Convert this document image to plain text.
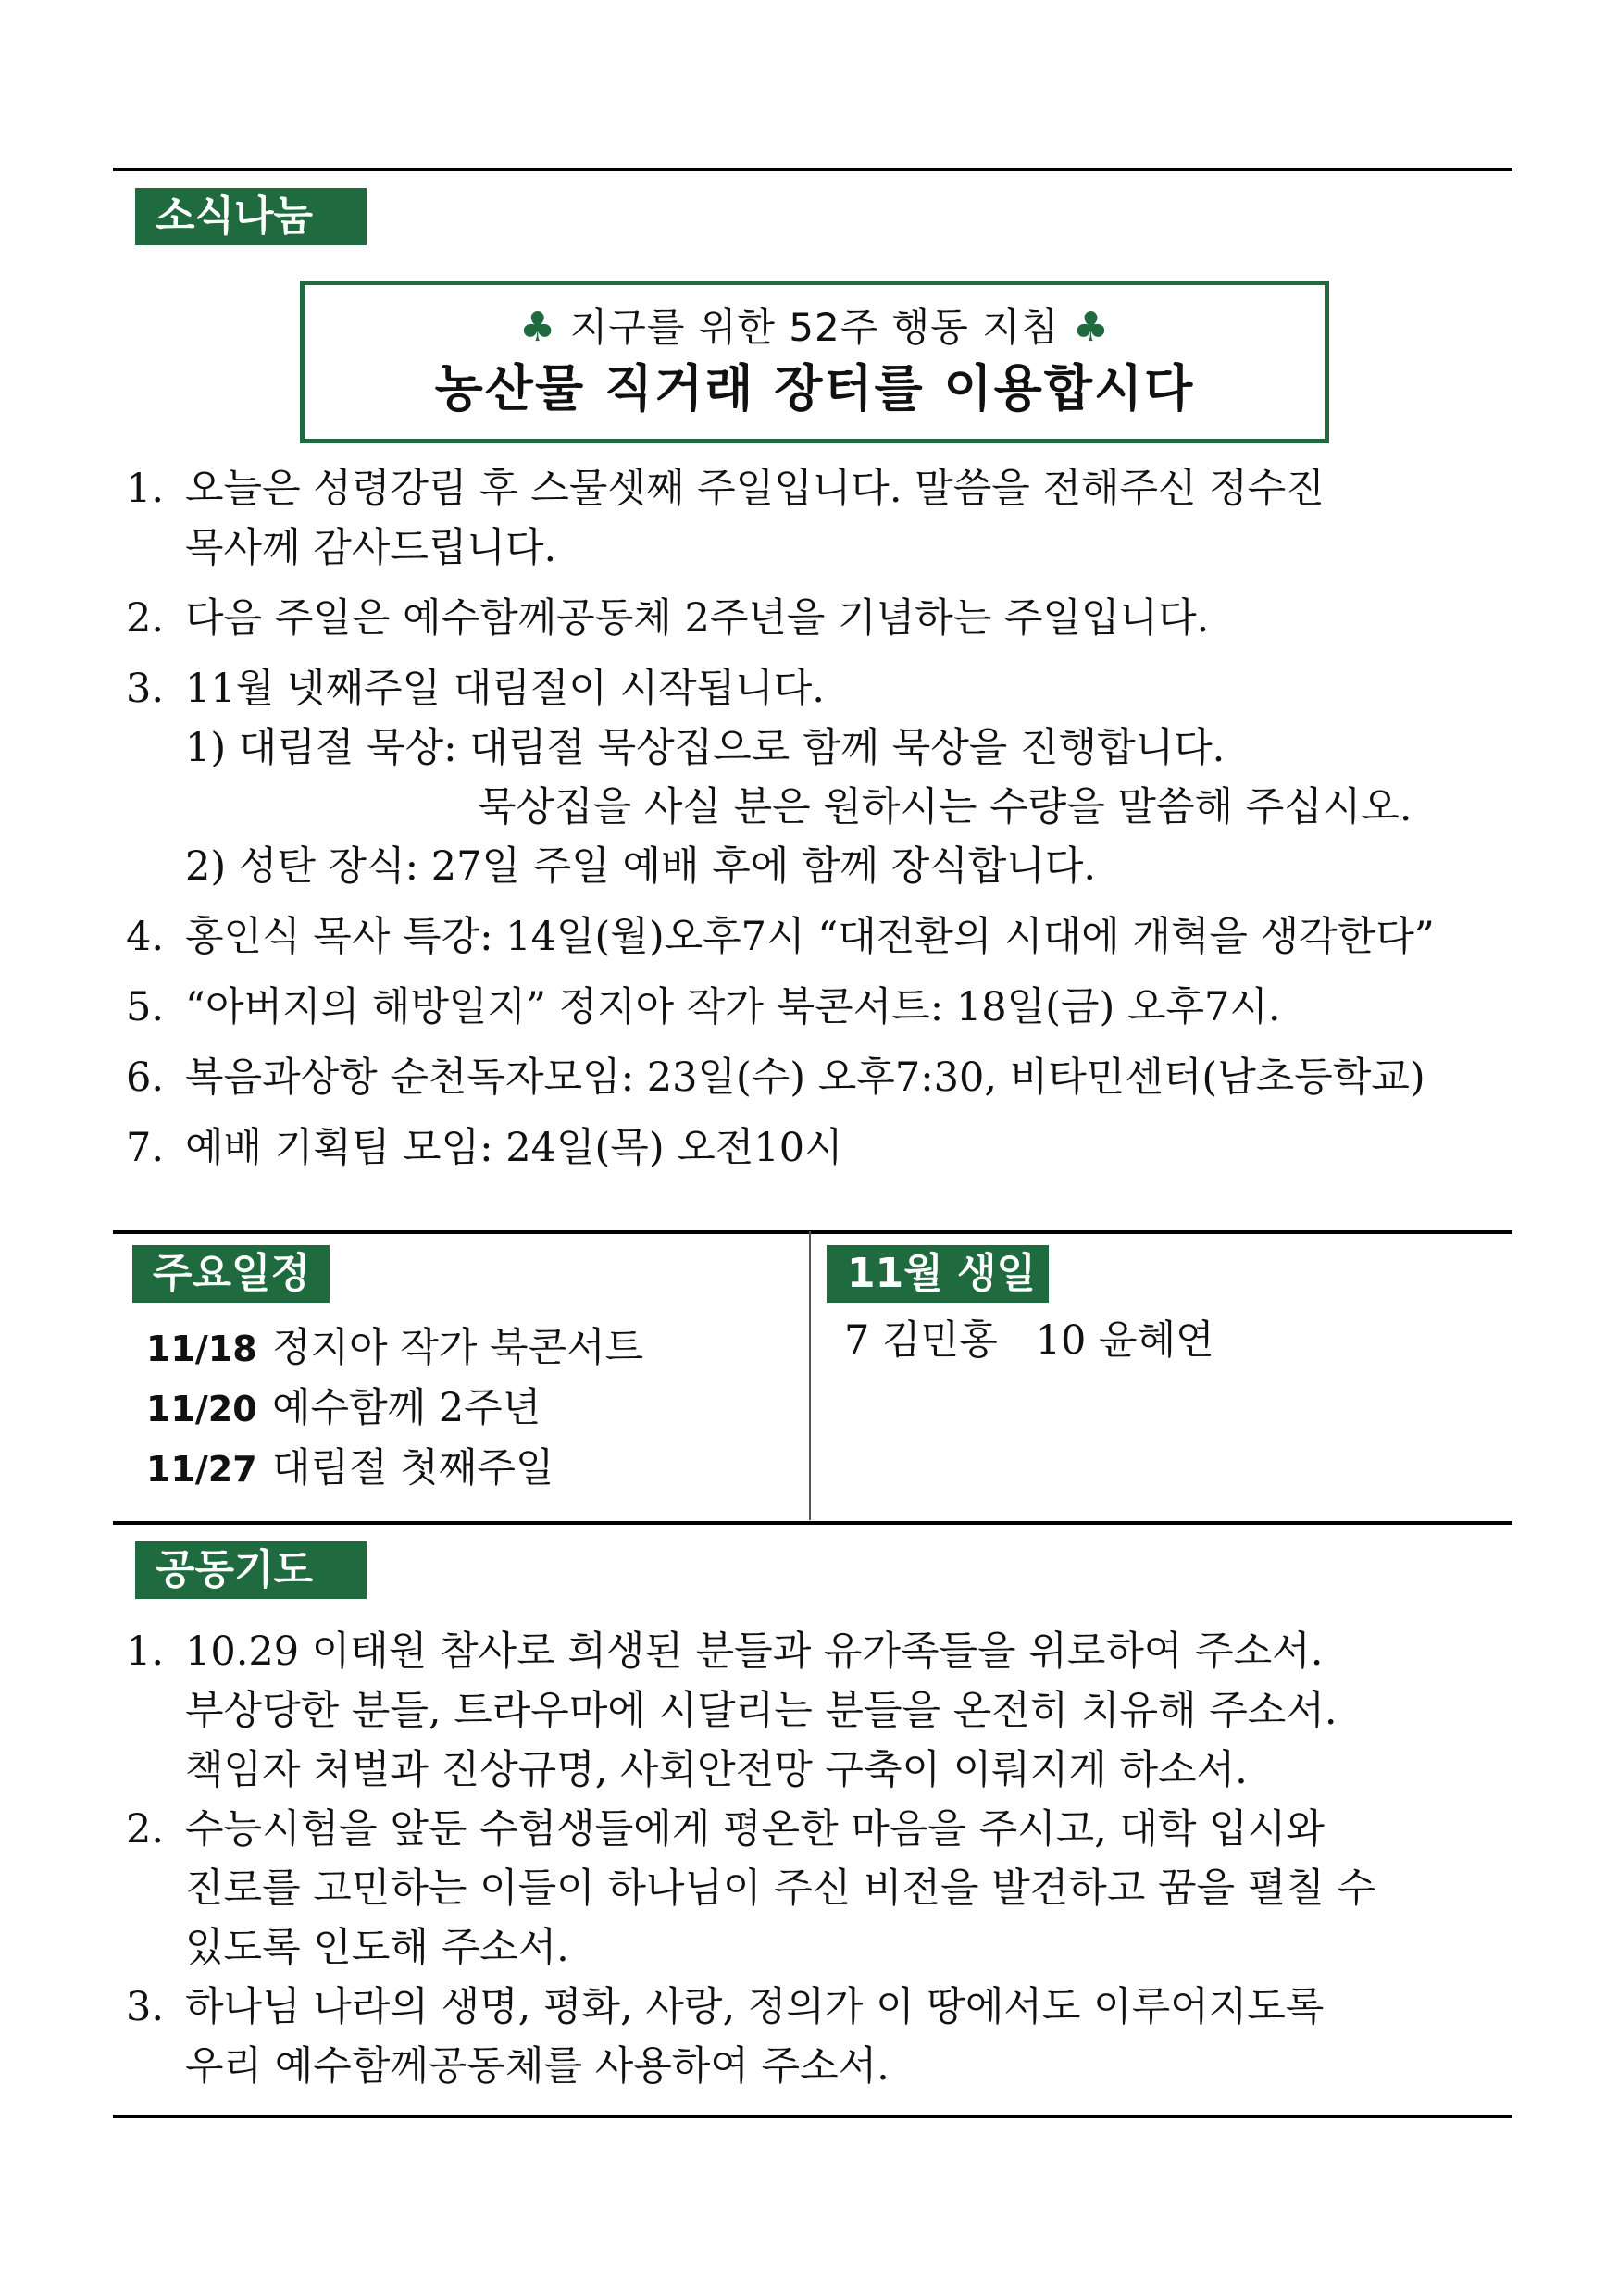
소식나눔
♣ 지구를 위한 52주 행동 지침 ♣
농산물 직거래 장터를 이용합시다
1. 오늘은 성령강림 후 스물셋째 주일입니다. 말씀을 전해주신 정수진
목사께 감사드립니다.
2. 다음 주일은 예수함께공동체 2주년을 기념하는 주일입니다.
3. 11월 넷째주일 대림절이 시작됩니다.
1) 대림절 묵상: 대림절 묵상집으로 함께 묵상을 진행합니다.
묵상집을 사실 분은 원하시는 수량을 말씀해 주십시오.
2) 성탄 장식: 27일 주일 예배 후에 함께 장식합니다.
4. 홍인식 목사 특강: 14일(월)오후7시 “대전환의 시대에 개혁을 생각한다”
5. “아버지의 해방일지” 정지아 작가 북콘서트: 18일(금) 오후7시.
6. 복음과상항 순천독자모임: 23일(수) 오후7:30, 비타민센터(남초등학교)
7. 예배 기획팀 모임: 24일(목) 오전10시
주요일정
11/18 정지아 작가 북콘서트
11/20 예수함께 2주년
11/27 대림절 첫째주일
11월 생일
7 김민홍   10 윤혜연
공동기도
1. 10.29 이태원 참사로 희생된 분들과 유가족들을 위로하여 주소서.
부상당한 분들, 트라우마에 시달리는 분들을 온전히 치유해 주소서.
책임자 처벌과 진상규명, 사회안전망 구축이 이뤄지게 하소서.
2. 수능시험을 앞둔 수험생들에게 평온한 마음을 주시고, 대학 입시와
진로를 고민하는 이들이 하나님이 주신 비전을 발견하고 꿈을 펼칠 수
있도록 인도해 주소서.
3. 하나님 나라의 생명, 평화, 사랑, 정의가 이 땅에서도 이루어지도록
우리 예수함께공동체를 사용하여 주소서.
